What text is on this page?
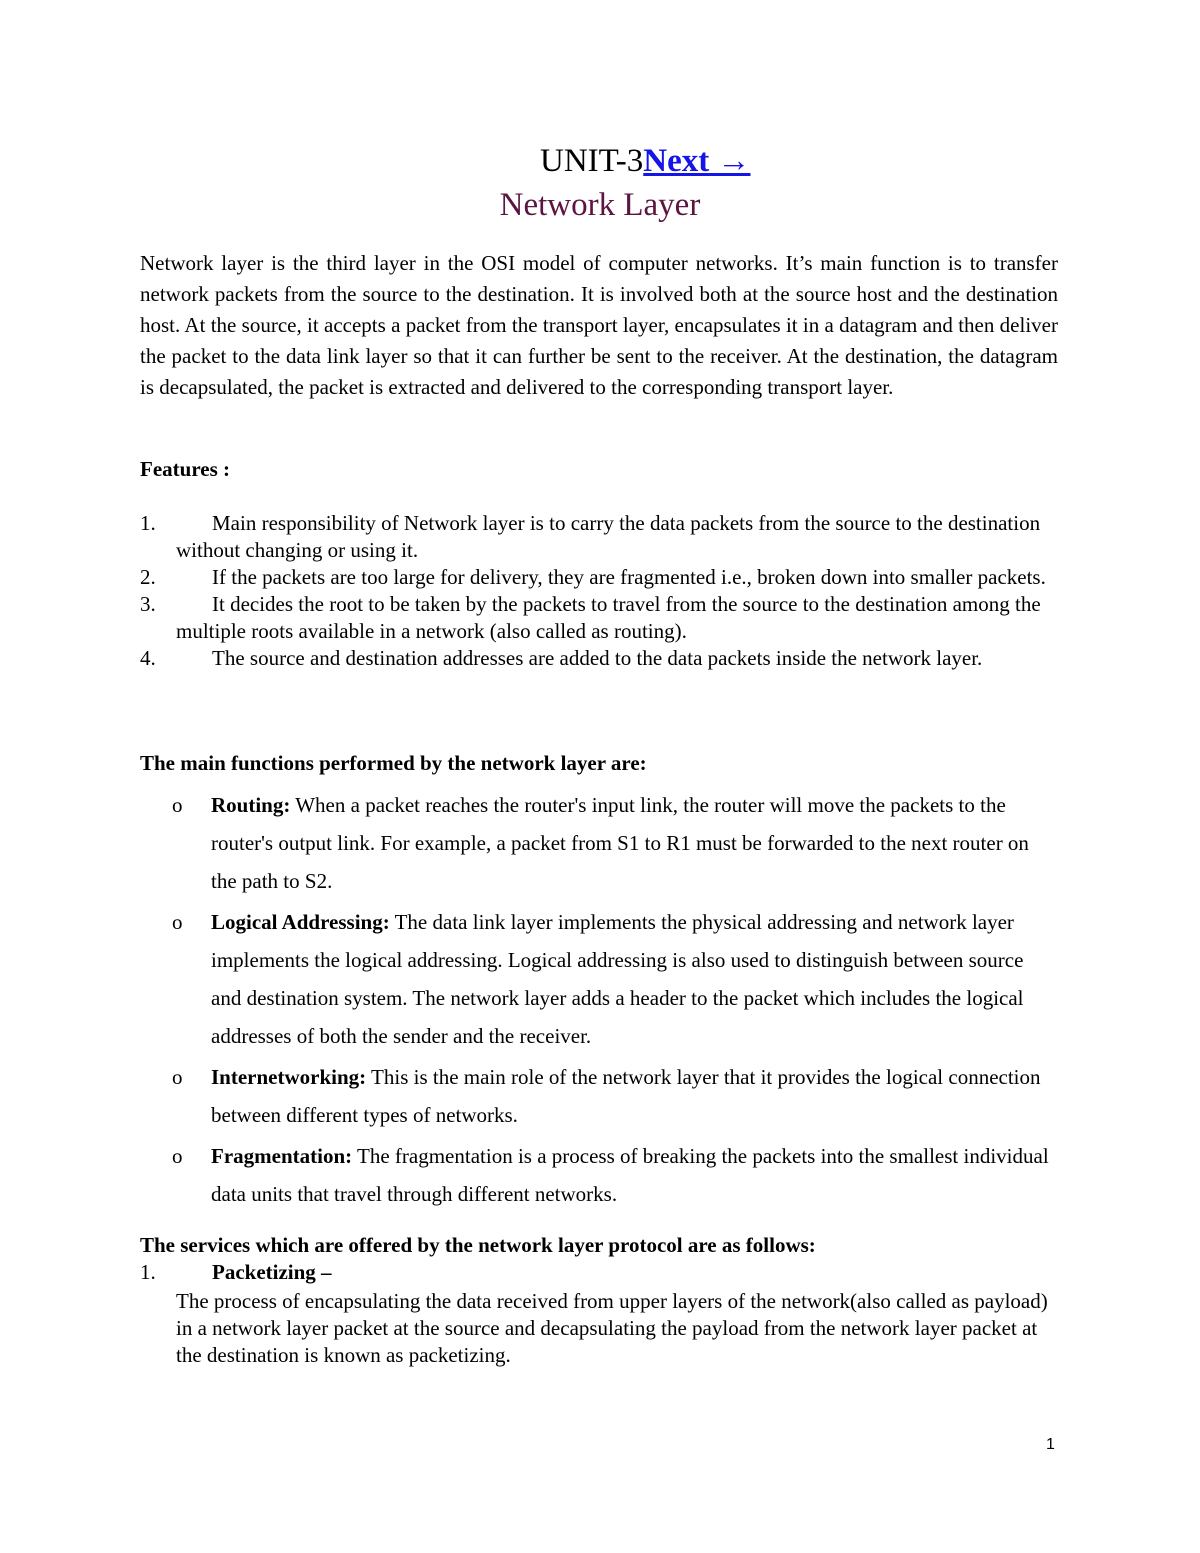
UNIT-3Next →
Network Layer

Network layer is the third layer in the OSI model of computer networks. It’s main function is to transfer network packets from the source to the destination. It is involved both at the source host and the destination host. At the source, it accepts a packet from the transport layer, encapsulates it in a datagram and then deliver the packet to the data link layer so that it can further be sent to the receiver. At the destination, the datagram is decapsulated, the packet is extracted and delivered to the corresponding transport layer.

Features :
1.	Main responsibility of Network layer is to carry the data packets from the source to the destination without changing or using it.
2.	If the packets are too large for delivery, they are fragmented i.e., broken down into smaller packets.
3.	It decides the root to be taken by the packets to travel from the source to the destination among the multiple roots available in a network (also called as routing).
4.	The source and destination addresses are added to the data packets inside the network layer.
The main functions performed by the network layer are:
o Routing: When a packet reaches the router's input link, the router will move the packets to the router's output link. For example, a packet from S1 to R1 must be forwarded to the next router on the path to S2.
o Logical Addressing: The data link layer implements the physical addressing and network layer implements the logical addressing. Logical addressing is also used to distinguish between source and destination system. The network layer adds a header to the packet which includes the logical addresses of both the sender and the receiver.
o Internetworking: This is the main role of the network layer that it provides the logical connection between different types of networks.
o Fragmentation: The fragmentation is a process of breaking the packets into the smallest individual data units that travel through different networks.
The services which are offered by the network layer protocol are as follows:
1.	Packetizing –

The process of encapsulating the data received from upper layers of the network(also called as payload) in a network layer packet at the source and decapsulating the payload from the network layer packet at the destination is known as packetizing.

1
